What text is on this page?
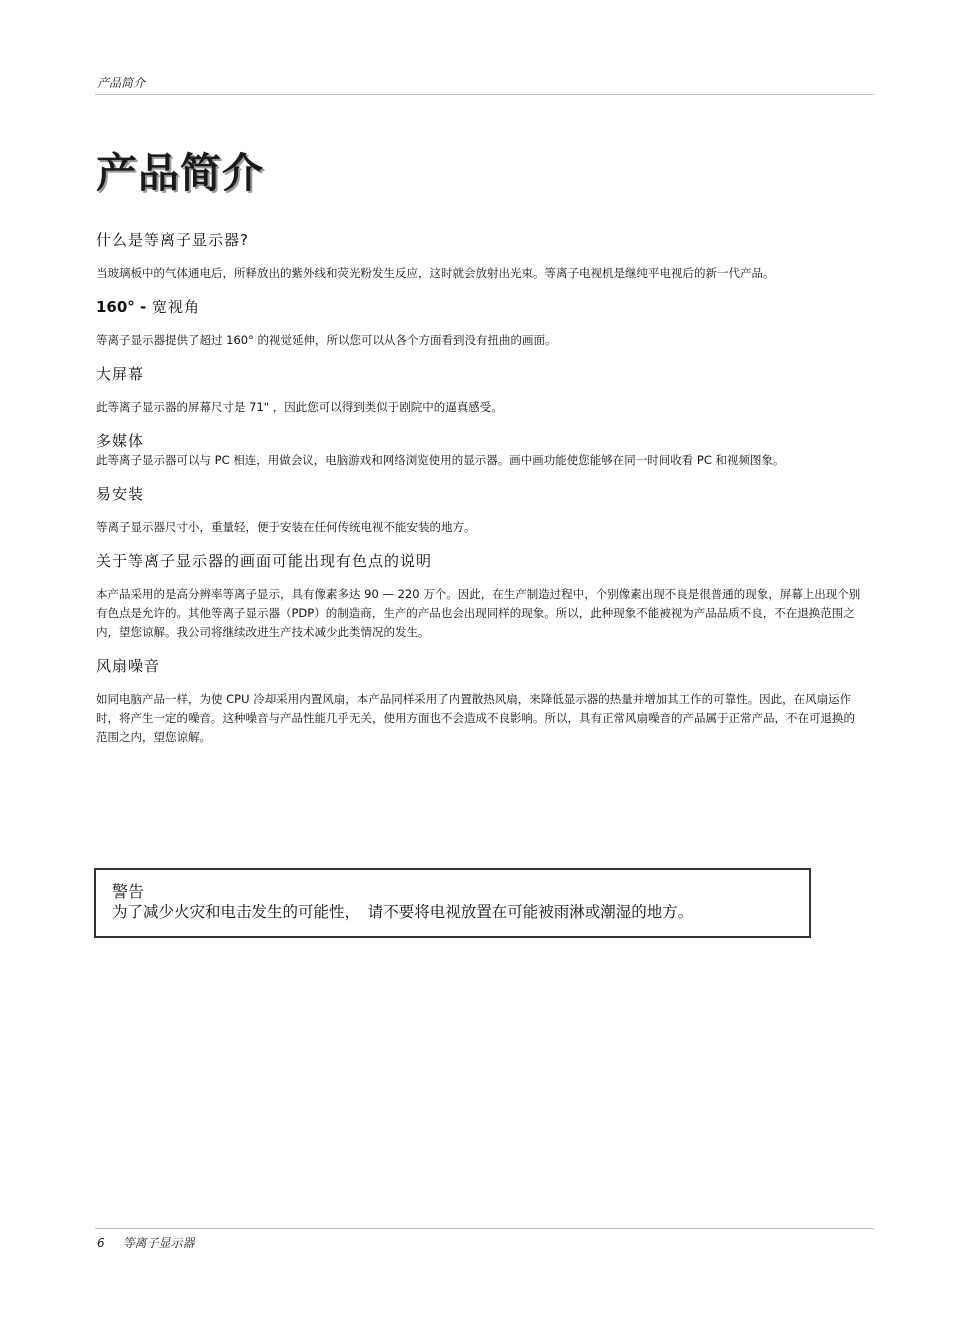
产品简介
产品简介
什么是等离子显示器?

当玻璃板中的气体通电后，所释放出的紫外线和荧光粉发生反应，这时就会放射出光束。等离子电视机是继纯平电视后的新一代产品。

160° - 宽视角

等离子显示器提供了超过 160° 的视觉延伸，所以您可以从各个方面看到没有扭曲的画面。

大屏幕

此等离子显示器的屏幕尺寸是 71" ，因此您可以得到类似于剧院中的逼真感受。

多媒体

此等离子显示器可以与 PC 相连，用做会议，电脑游戏和网络浏览使用的显示器。画中画功能使您能够在同一时间收看 PC 和视频图象。

易安装

等离子显示器尺寸小，重量轻，便于安装在任何传统电视不能安装的地方。

关于等离子显示器的画面可能出现有色点的说明

本产品采用的是高分辨率等离子显示，具有像素多达 90 — 220 万个。因此，在生产制造过程中，个别像素出现不良是很普通的现象，屏幕上出现个别有色点是允许的。其他等离子显示器（PDP）的制造商，生产的产品也会出现同样的现象。所以，此种现象不能被视为产品品质不良，不在退换范围之内，望您谅解。我公司将继续改进生产技术减少此类情况的发生。

风扇噪音

如同电脑产品一样，为使 CPU 冷却采用内置风扇，本产品同样采用了内置散热风扇，来降低显示器的热量并增加其工作的可靠性。因此，在风扇运作时，将产生一定的噪音。这种噪音与产品性能几乎无关，使用方面也不会造成不良影响。所以，具有正常风扇噪音的产品属于正常产品，不在可退换的范围之内，望您谅解。

警告
为了减少火灾和电击发生的可能性，　请不要将电视放置在可能被雨淋或潮湿的地方。
6 等离子显示器
